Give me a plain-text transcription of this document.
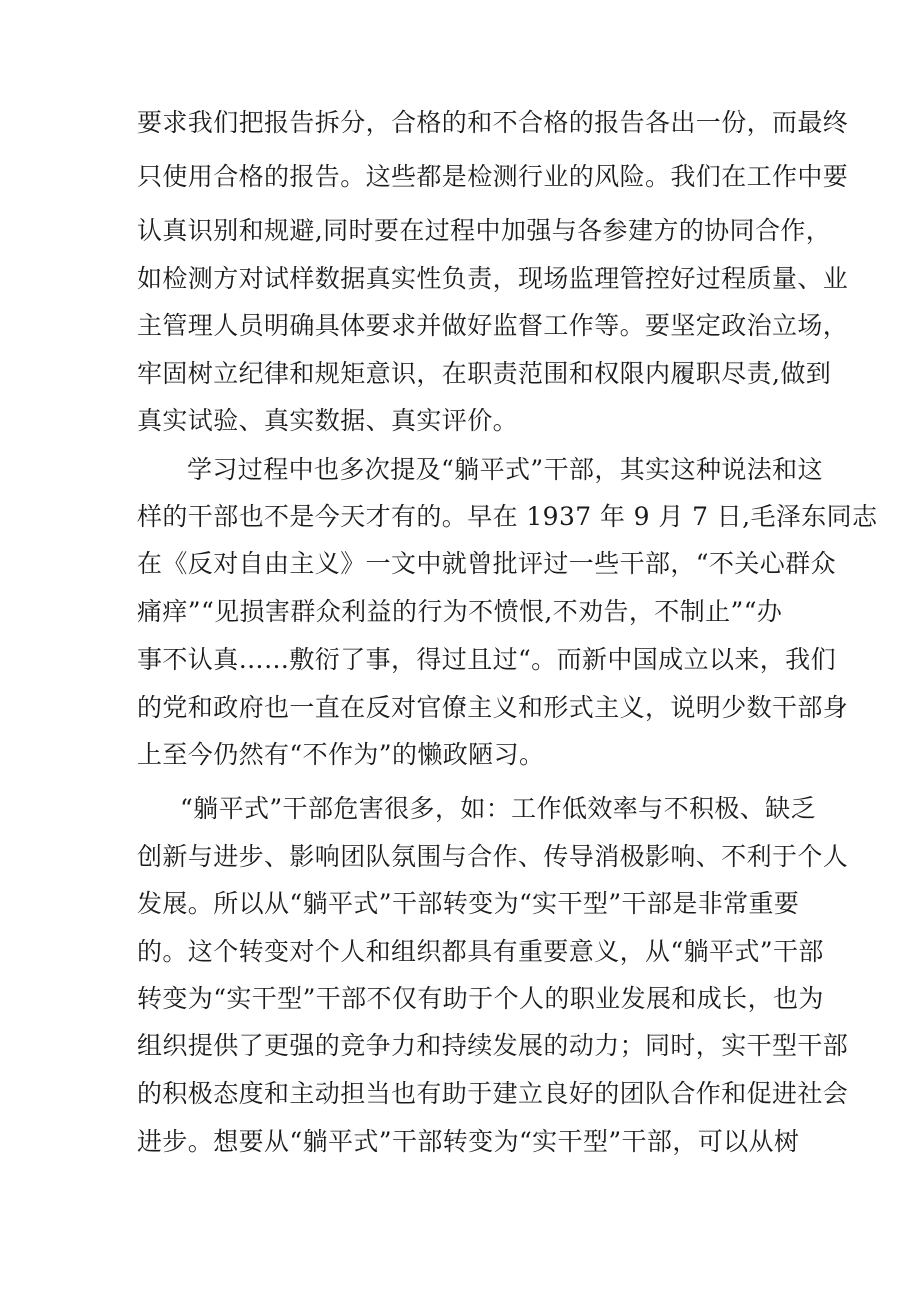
要求我们把报告拆分，合格的和不合格的报告各出一份，而最终
只使用合格的报告。这些都是检测行业的风险。我们在工作中要
认真识别和规避,同时要在过程中加强与各参建方的协同合作，
如检测方对试样数据真实性负责，现场监理管控好过程质量、业
主管理人员明确具体要求并做好监督工作等。要坚定政治立场，
牢固树立纪律和规矩意识，在职责范围和权限内履职尽责,做到
真实试验、真实数据、真实评价。
学习过程中也多次提及“躺平式”干部，其实这种说法和这
样的干部也不是今天才有的。早在 1937 年 9 月 7 日,毛泽东同志
在《反对自由主义》一文中就曾批评过一些干部，“不关心群众
痛痒”“见损害群众利益的行为不愤恨,不劝告，不制止”“办
事不认真……敷衍了事，得过且过“。而新中国成立以来，我们
的党和政府也一直在反对官僚主义和形式主义，说明少数干部身
上至今仍然有“不作为”的懒政陋习。
“躺平式”干部危害很多，如：工作低效率与不积极、缺乏
创新与进步、影响团队氛围与合作、传导消极影响、不利于个人
发展。所以从“躺平式”干部转变为“实干型”干部是非常重要
的。这个转变对个人和组织都具有重要意义，从“躺平式”干部
转变为“实干型”干部不仅有助于个人的职业发展和成长，也为
组织提供了更强的竞争力和持续发展的动力；同时，实干型干部
的积极态度和主动担当也有助于建立良好的团队合作和促进社会
进步。想要从“躺平式”干部转变为“实干型”干部，可以从树
